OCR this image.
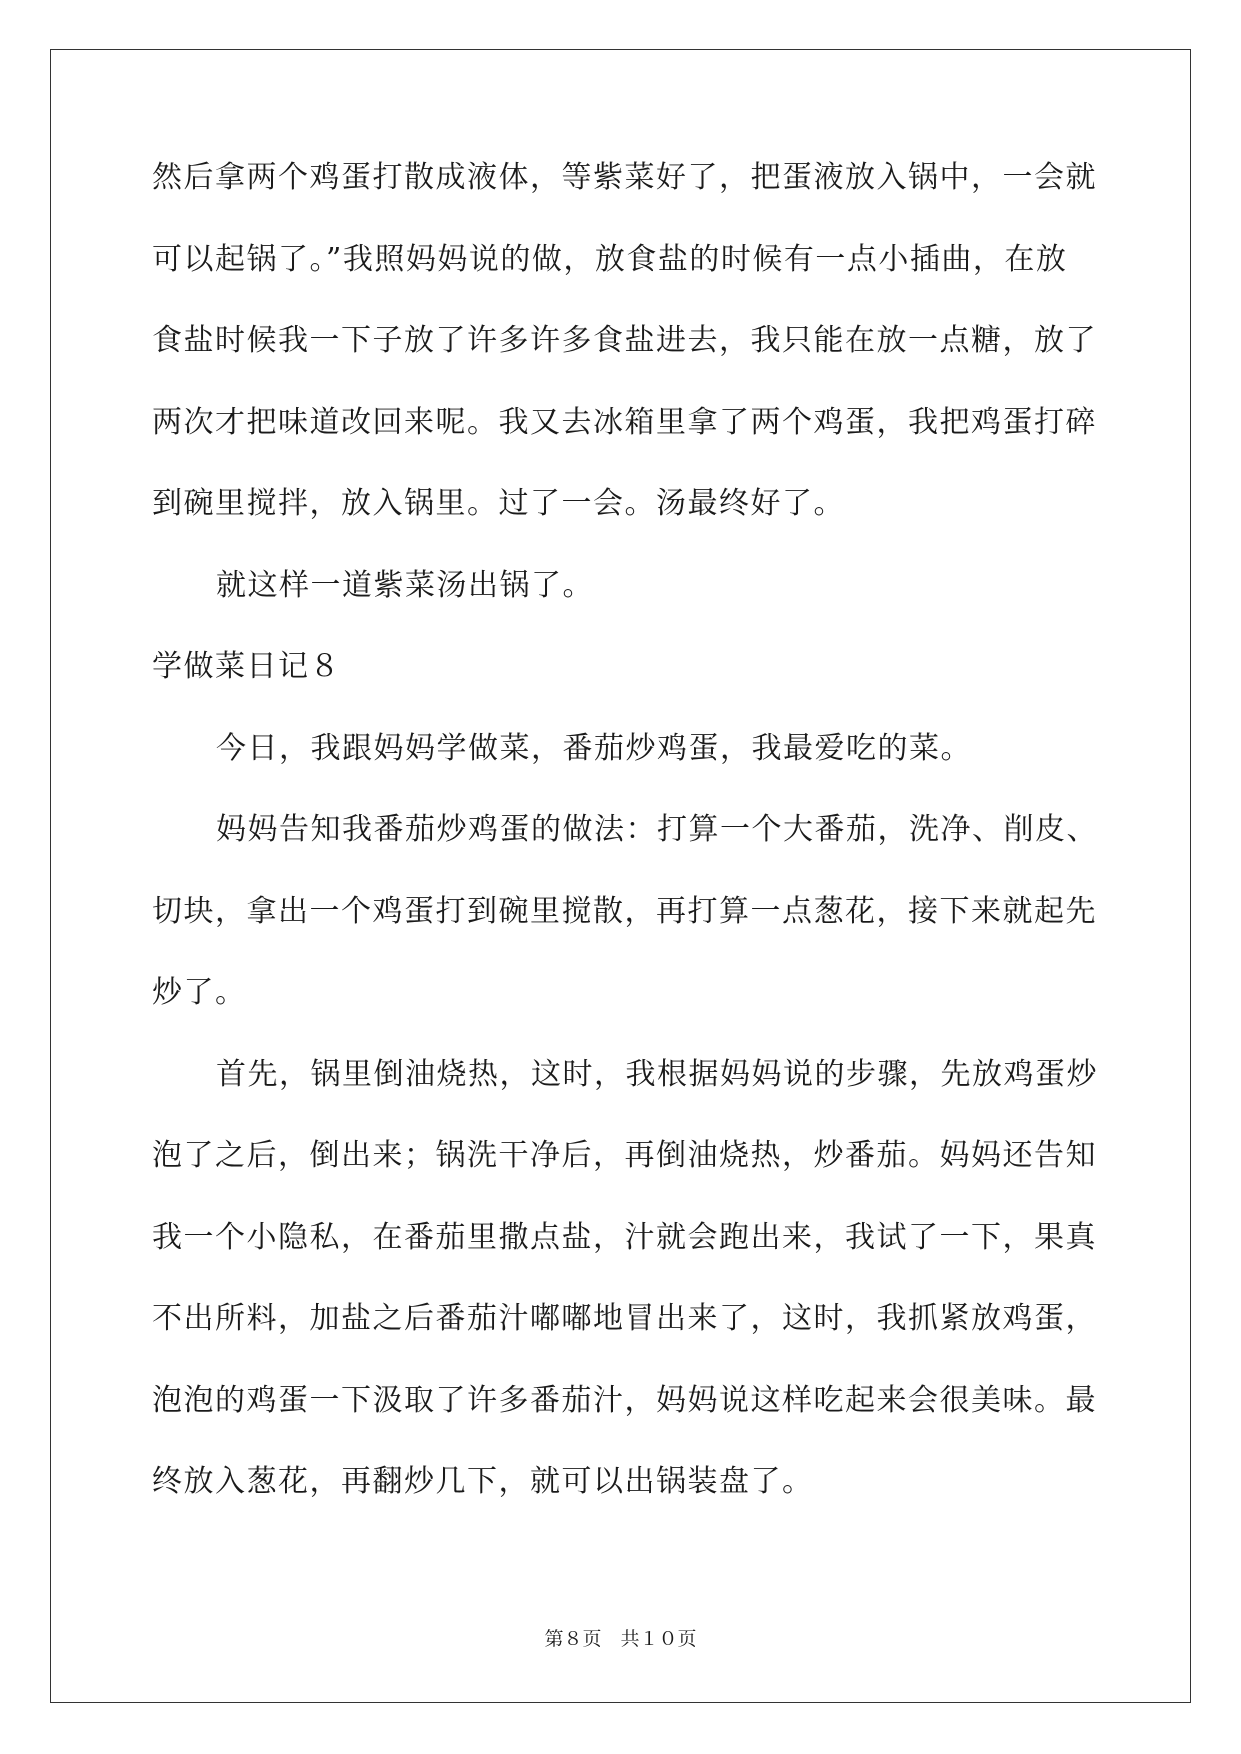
然后拿两个鸡蛋打散成液体，等紫菜好了，把蛋液放入锅中，一会就
可以起锅了。”我照妈妈说的做，放食盐的时候有一点小插曲，在放
食盐时候我一下子放了许多许多食盐进去，我只能在放一点糖，放了
两次才把味道改回来呢。我又去冰箱里拿了两个鸡蛋，我把鸡蛋打碎
到碗里搅拌，放入锅里。过了一会。汤最终好了。
就这样一道紫菜汤出锅了。
学做菜日记８
今日，我跟妈妈学做菜，番茄炒鸡蛋，我最爱吃的菜。
妈妈告知我番茄炒鸡蛋的做法：打算一个大番茄，洗净、削皮、
切块，拿出一个鸡蛋打到碗里搅散，再打算一点葱花，接下来就起先
炒了。
首先，锅里倒油烧热，这时，我根据妈妈说的步骤，先放鸡蛋炒
泡了之后，倒出来；锅洗干净后，再倒油烧热，炒番茄。妈妈还告知
我一个小隐私，在番茄里撒点盐，汁就会跑出来，我试了一下，果真
不出所料，加盐之后番茄汁嘟嘟地冒出来了，这时，我抓紧放鸡蛋，
泡泡的鸡蛋一下汲取了许多番茄汁，妈妈说这样吃起来会很美味。最
终放入葱花，再翻炒几下，就可以出锅装盘了。
第８页　共１０页
